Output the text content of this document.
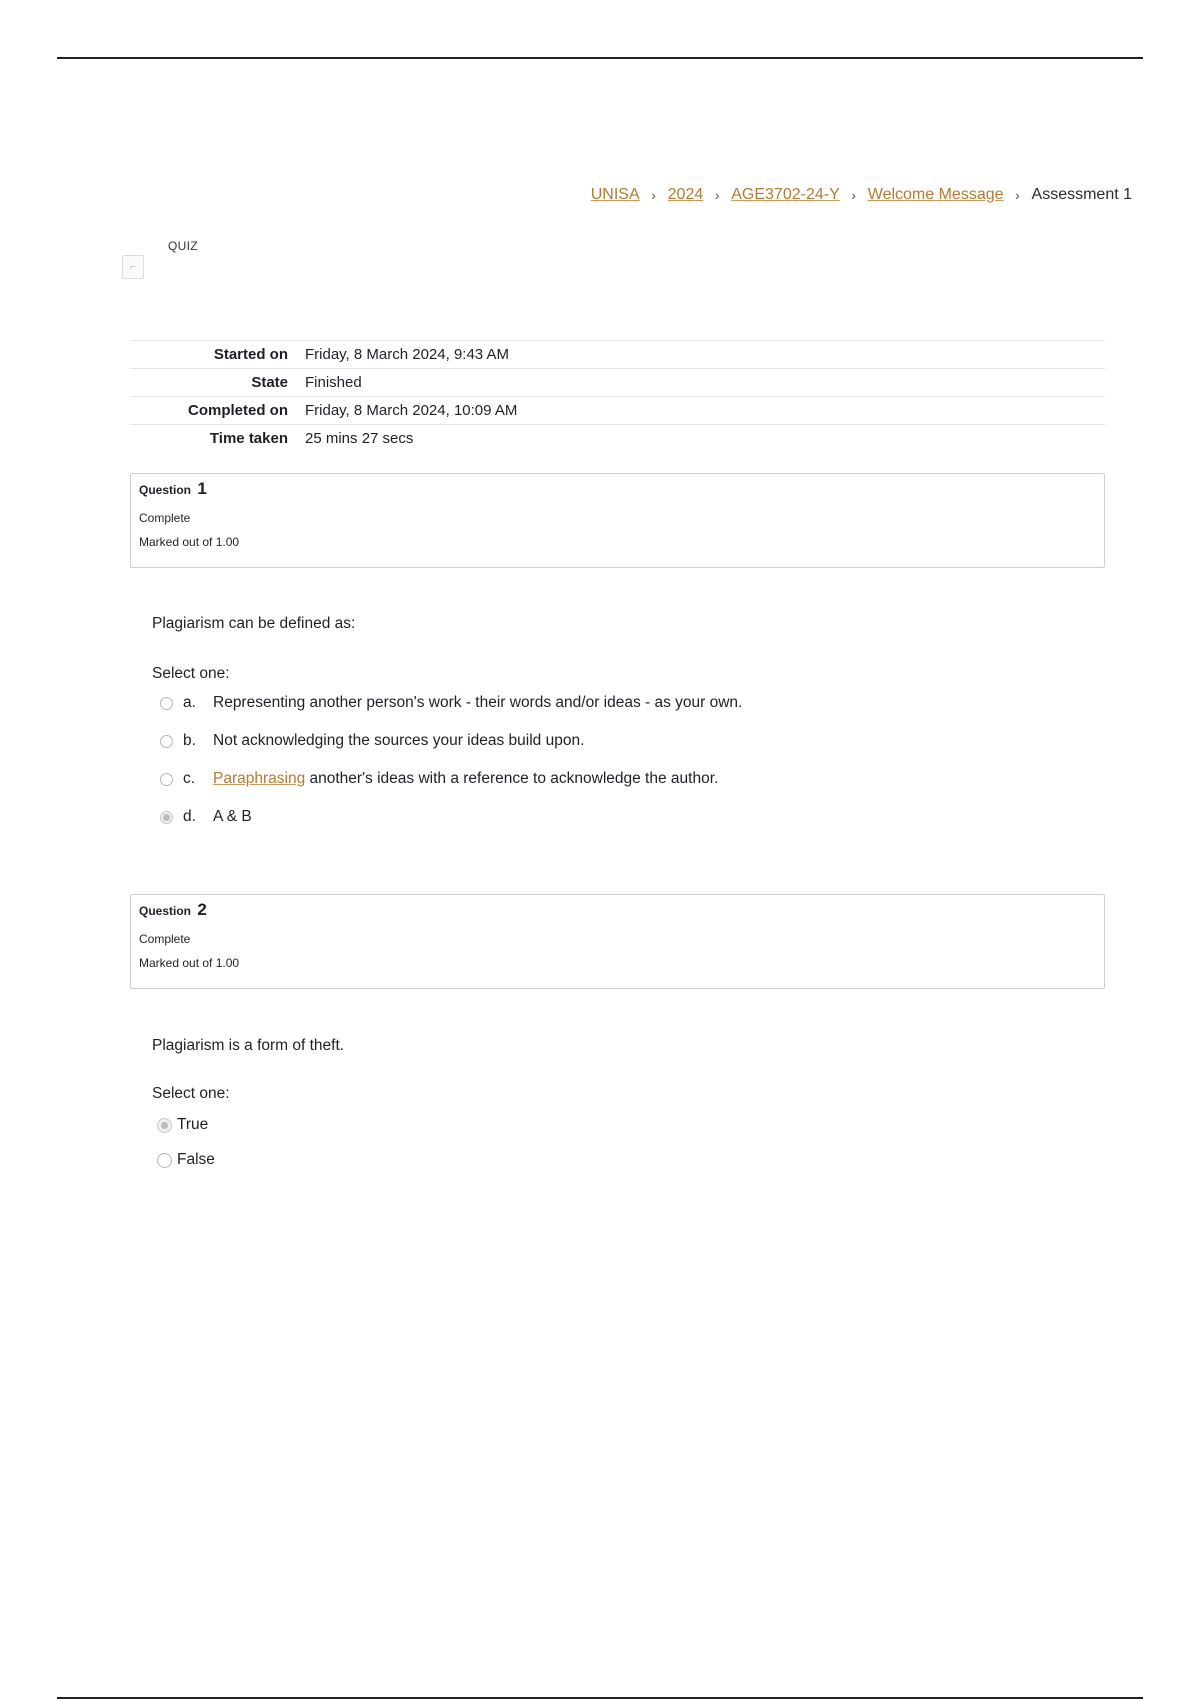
UNISA › 2024 › AGE3702-24-Y › Welcome Message › Assessment 1
⌐
QUIZ
Started on	Friday, 8 March 2024, 9:43 AM
State	Finished
Completed on	Friday, 8 March 2024, 10:09 AM
Time taken	25 mins 27 secs
Question 1
Complete
Marked out of 1.00
Plagiarism can be defined as:
Select one:
a.	Representing another person's work - their words and/or ideas - as your own.
b.	Not acknowledging the sources your ideas build upon.
c.	Paraphrasing another's ideas with a reference to acknowledge the author.
d.	A & B
Question 2
Complete
Marked out of 1.00
Plagiarism is a form of theft.
Select one:
True
False
